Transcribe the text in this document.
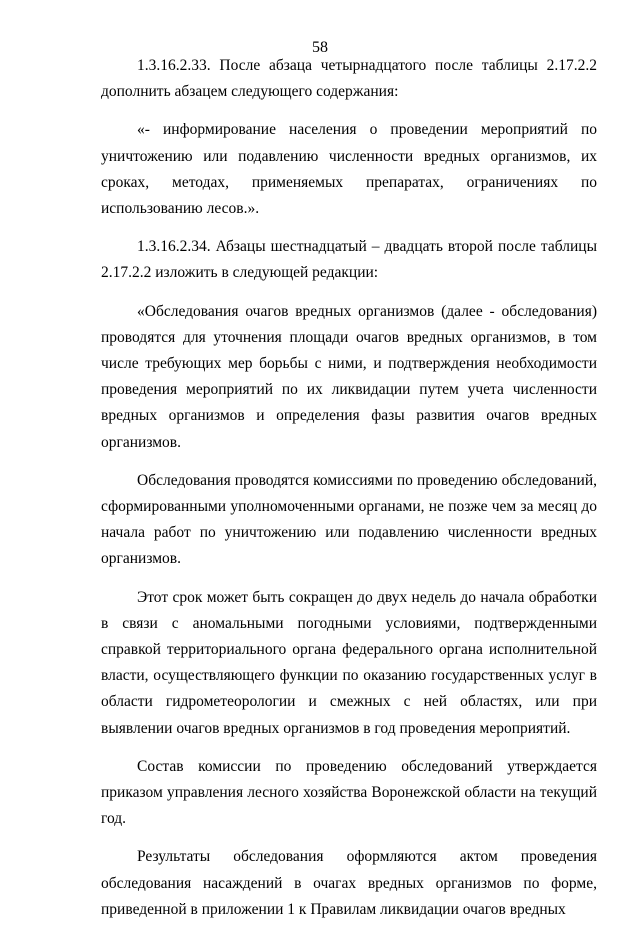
58

1.3.16.2.33. После абзаца четырнадцатого после таблицы 2.17.2.2 дополнить абзацем следующего содержания:

«- информирование населения о проведении мероприятий по уничтожению или подавлению численности вредных организмов, их сроках, методах, применяемых препаратах, ограничениях по использованию лесов.».

1.3.16.2.34. Абзацы шестнадцатый – двадцать второй после таблицы 2.17.2.2 изложить в следующей редакции:

«Обследования очагов вредных организмов (далее - обследования) проводятся для уточнения площади очагов вредных организмов, в том числе требующих мер борьбы с ними, и подтверждения необходимости проведения мероприятий по их ликвидации путем учета численности вредных организмов и определения фазы развития очагов вредных организмов.

Обследования проводятся комиссиями по проведению обследований, сформированными уполномоченными органами, не позже чем за месяц до начала работ по уничтожению или подавлению численности вредных организмов.

Этот срок может быть сокращен до двух недель до начала обработки в связи с аномальными погодными условиями, подтвержденными справкой территориального органа федерального органа исполнительной власти, осуществляющего функции по оказанию государственных услуг в области гидрометеорологии и смежных с ней областях, или при выявлении очагов вредных организмов в год проведения мероприятий.

Состав комиссии по проведению обследований утверждается приказом управления лесного хозяйства Воронежской области на текущий год.

Результаты обследования оформляются актом проведения обследования насаждений в очагах вредных организмов по форме, приведенной в приложении 1 к Правилам ликвидации очагов вредных
